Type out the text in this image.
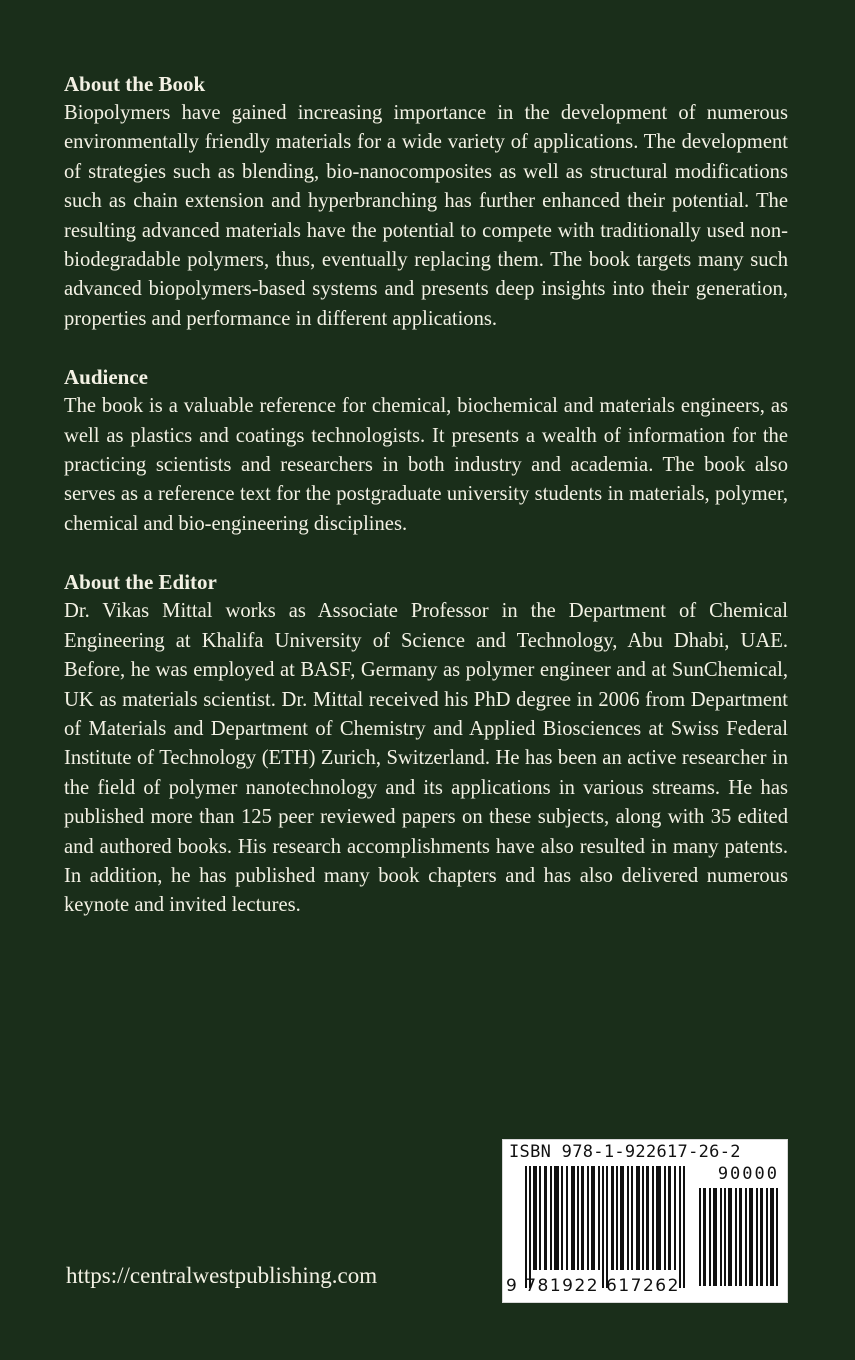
About the Book

Biopolymers have gained increasing importance in the development of numerous environmentally friendly materials for a wide variety of applications. The development of strategies such as blending, bio-nanocomposites as well as structural modifications such as chain extension and hyperbranching has further enhanced their potential. The resulting advanced materials have the potential to compete with traditionally used non-biodegradable polymers, thus, eventually replacing them. The book targets many such advanced biopolymers-based systems and presents deep insights into their generation, properties and performance in different applications.

Audience

The book is a valuable reference for chemical, biochemical and materials engineers, as well as plastics and coatings technologists. It presents a wealth of information for the practicing scientists and researchers in both industry and academia. The book also serves as a reference text for the postgraduate university students in materials, polymer, chemical and bio-engineering disciplines.

About the Editor

Dr. Vikas Mittal works as Associate Professor in the Department of Chemical Engineering at Khalifa University of Science and Technology, Abu Dhabi, UAE. Before, he was employed at BASF, Germany as polymer engineer and at SunChemical, UK as materials scientist. Dr. Mittal received his PhD degree in 2006 from Department of Materials and Department of Chemistry and Applied Biosciences at Swiss Federal Institute of Technology (ETH) Zurich, Switzerland. He has been an active researcher in the field of polymer nanotechnology and its applications in various streams. He has published more than 125 peer reviewed papers on these subjects, along with 35 edited and authored books. His research accomplishments have also resulted in many patents. In addition, he has published many book chapters and has also delivered numerous keynote and invited lectures.

https://centralwestpublishing.com
ISBN 978-1-922617-26-2
90000
9 781922 617262
